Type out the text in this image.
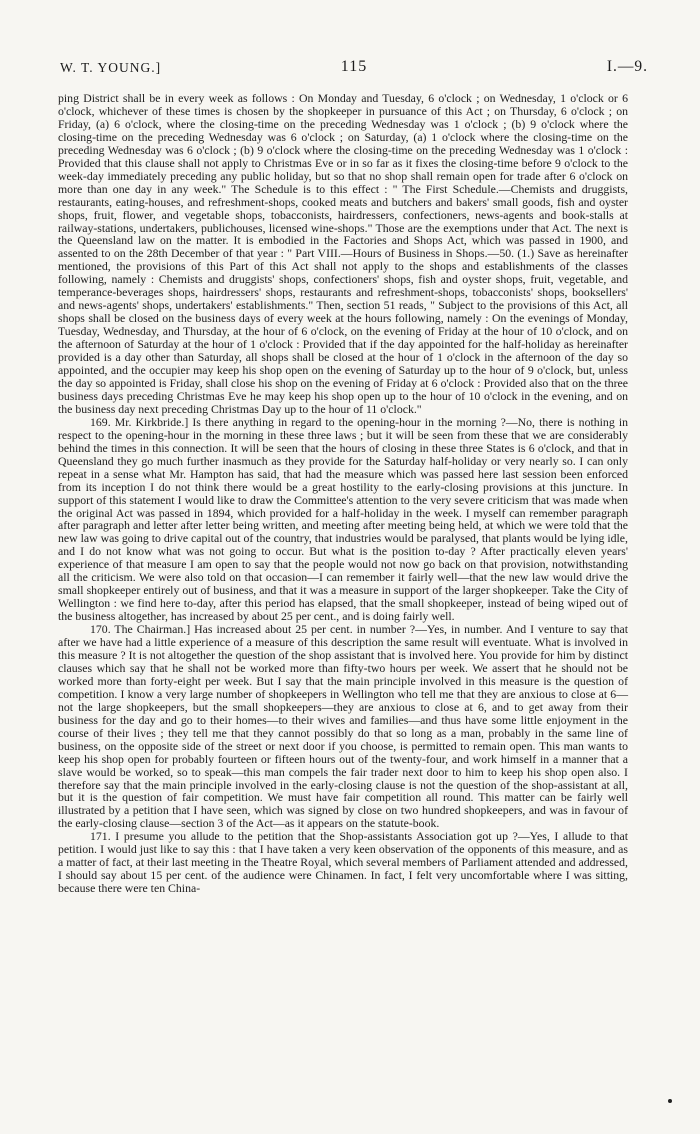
W. T. YOUNG.]	115	I.—9.

ping District shall be in every week as follows : On Monday and Tuesday, 6 o'clock ; on Wednesday, 1 o'clock or 6 o'clock, whichever of these times is chosen by the shopkeeper in pursuance of this Act ; on Thursday, 6 o'clock ; on Friday, (a) 6 o'clock, where the closing-time on the preceding Wednesday was 1 o'clock ; (b) 9 o'clock where the closing-time on the preceding Wednesday was 6 o'clock ; on Saturday, (a) 1 o'clock where the closing-time on the preceding Wednesday was 6 o'clock ; (b) 9 o'clock where the closing-time on the preceding Wednesday was 1 o'clock : Provided that this clause shall not apply to Christmas Eve or in so far as it fixes the closing-time before 9 o'clock to the week-day immediately preceding any public holiday, but so that no shop shall remain open for trade after 6 o'clock on more than one day in any week." The Schedule is to this effect : " The First Schedule.—Chemists and druggists, restaurants, eating-houses, and refreshment-shops, cooked meats and butchers and bakers' small goods, fish and oyster shops, fruit, flower, and vegetable shops, tobacconists, hairdressers, confectioners, news-agents and book-stalls at railway-stations, undertakers, publichouses, licensed wine-shops." Those are the exemptions under that Act. The next is the Queensland law on the matter. It is embodied in the Factories and Shops Act, which was passed in 1900, and assented to on the 28th December of that year : " Part VIII.—Hours of Business in Shops.—50. (1.) Save as hereinafter mentioned, the provisions of this Part of this Act shall not apply to the shops and establishments of the classes following, namely : Chemists and druggists' shops, confectioners' shops, fish and oyster shops, fruit, vegetable, and temperance-beverages shops, hairdressers' shops, restaurants and refreshment-shops, tobacconists' shops, booksellers' and news-agents' shops, undertakers' establishments." Then, section 51 reads, " Subject to the provisions of this Act, all shops shall be closed on the business days of every week at the hours following, namely : On the evenings of Monday, Tuesday, Wednesday, and Thursday, at the hour of 6 o'clock, on the evening of Friday at the hour of 10 o'clock, and on the afternoon of Saturday at the hour of 1 o'clock : Provided that if the day appointed for the half-holiday as hereinafter provided is a day other than Saturday, all shops shall be closed at the hour of 1 o'clock in the afternoon of the day so appointed, and the occupier may keep his shop open on the evening of Saturday up to the hour of 9 o'clock, but, unless the day so appointed is Friday, shall close his shop on the evening of Friday at 6 o'clock : Provided also that on the three business days preceding Christmas Eve he may keep his shop open up to the hour of 10 o'clock in the evening, and on the business day next preceding Christmas Day up to the hour of 11 o'clock."

169. Mr. Kirkbride.] Is there anything in regard to the opening-hour in the morning ?—No, there is nothing in respect to the opening-hour in the morning in these three laws ; but it will be seen from these that we are considerably behind the times in this connection. It will be seen that the hours of closing in these three States is 6 o'clock, and that in Queensland they go much further inasmuch as they provide for the Saturday half-holiday or very nearly so. I can only repeat in a sense what Mr. Hampton has said, that had the measure which was passed here last session been enforced from its inception I do not think there would be a great hostility to the early-closing provisions at this juncture. In support of this statement I would like to draw the Committee's attention to the very severe criticism that was made when the original Act was passed in 1894, which provided for a half-holiday in the week. I myself can remember paragraph after paragraph and letter after letter being written, and meeting after meeting being held, at which we were told that the new law was going to drive capital out of the country, that industries would be paralysed, that plants would be lying idle, and I do not know what was not going to occur. But what is the position to-day ? After practically eleven years' experience of that measure I am open to say that the people would not now go back on that provision, notwithstanding all the criticism. We were also told on that occasion—I can remember it fairly well—that the new law would drive the small shopkeeper entirely out of business, and that it was a measure in support of the larger shopkeeper. Take the City of Wellington : we find here to-day, after this period has elapsed, that the small shopkeeper, instead of being wiped out of the business altogether, has increased by about 25 per cent., and is doing fairly well.

170. The Chairman.] Has increased about 25 per cent. in number ?—Yes, in number. And I venture to say that after we have had a little experience of a measure of this description the same result will eventuate. What is involved in this measure ? It is not altogether the question of the shop assistant that is involved here. You provide for him by distinct clauses which say that he shall not be worked more than fifty-two hours per week. We assert that he should not be worked more than forty-eight per week. But I say that the main principle involved in this measure is the question of competition. I know a very large number of shopkeepers in Wellington who tell me that they are anxious to close at 6—not the large shopkeepers, but the small shopkeepers—they are anxious to close at 6, and to get away from their business for the day and go to their homes—to their wives and families—and thus have some little enjoyment in the course of their lives ; they tell me that they cannot possibly do that so long as a man, probably in the same line of business, on the opposite side of the street or next door if you choose, is permitted to remain open. This man wants to keep his shop open for probably fourteen or fifteen hours out of the twenty-four, and work himself in a manner that a slave would be worked, so to speak—this man compels the fair trader next door to him to keep his shop open also. I therefore say that the main principle involved in the early-closing clause is not the question of the shop-assistant at all, but it is the question of fair competition. We must have fair competition all round. This matter can be fairly well illustrated by a petition that I have seen, which was signed by close on two hundred shopkeepers, and was in favour of the early-closing clause—section 3 of the Act—as it appears on the statute-book.

171. I presume you allude to the petition that the Shop-assistants Association got up ?—Yes, I allude to that petition. I would just like to say this : that I have taken a very keen observation of the opponents of this measure, and as a matter of fact, at their last meeting in the Theatre Royal, which several members of Parliament attended and addressed, I should say about 15 per cent. of the audience were Chinamen. In fact, I felt very uncomfortable where I was sitting, because there were ten China-
